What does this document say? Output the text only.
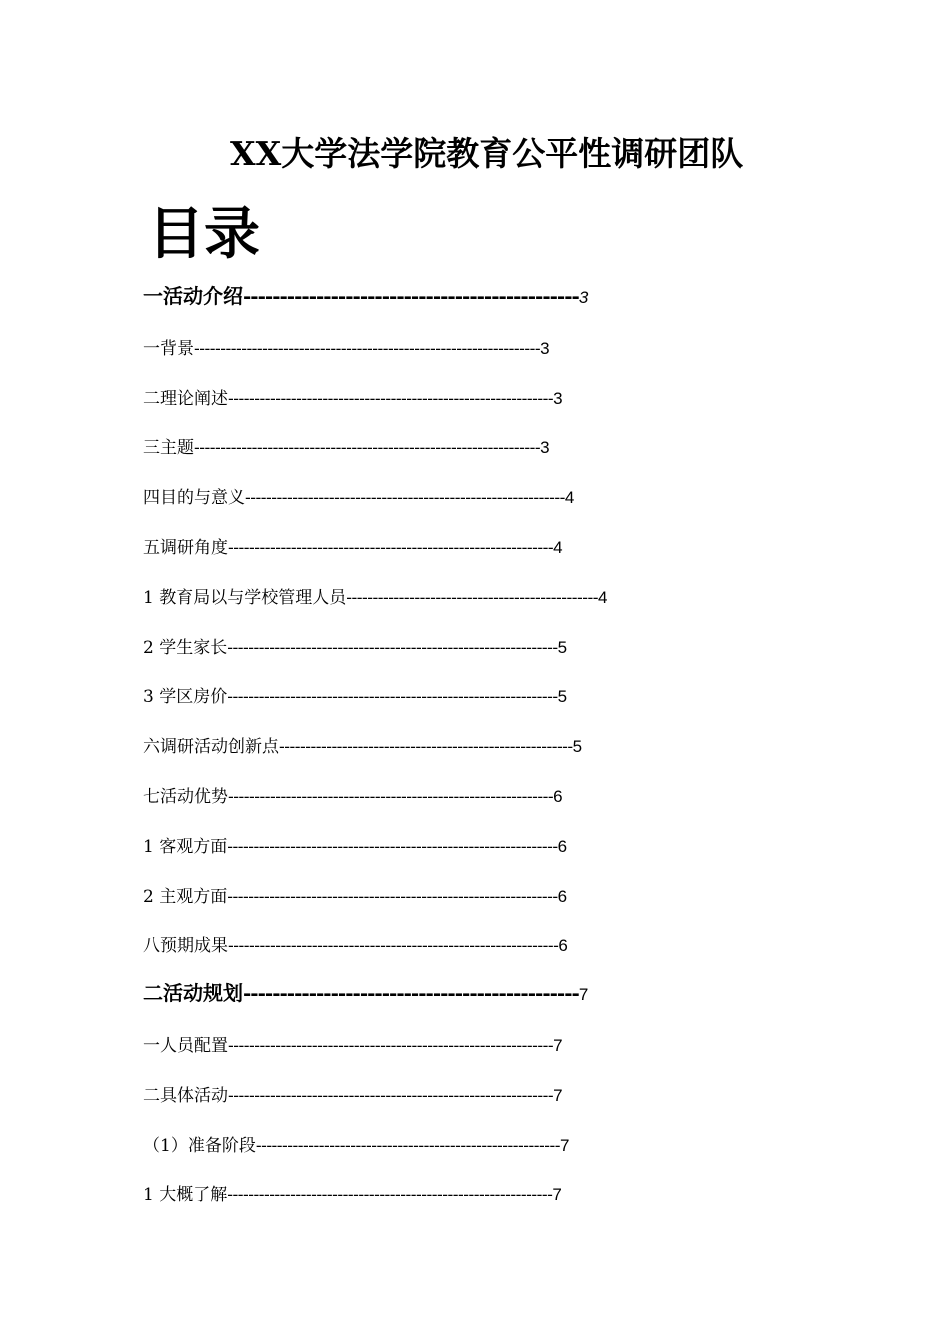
XX大学法学院教育公平性调研团队
目录
一活动介绍----------------------------------------------3
一背景------------------------------------------------------------------3
二理论阐述--------------------------------------------------------------3
三主题------------------------------------------------------------------3
四目的与意义-------------------------------------------------------------4
五调研角度--------------------------------------------------------------4
1 教育局以与学校管理人员------------------------------------------------4
2 学生家长---------------------------------------------------------------5
3 学区房价---------------------------------------------------------------5
六调研活动创新点--------------------------------------------------------5
七活动优势--------------------------------------------------------------6
1 客观方面---------------------------------------------------------------6
2 主观方面---------------------------------------------------------------6
八预期成果---------------------------------------------------------------6
二活动规划----------------------------------------------7
一人员配置--------------------------------------------------------------7
二具体活动--------------------------------------------------------------7
（1）准备阶段----------------------------------------------------------7
1 大概了解--------------------------------------------------------------7
